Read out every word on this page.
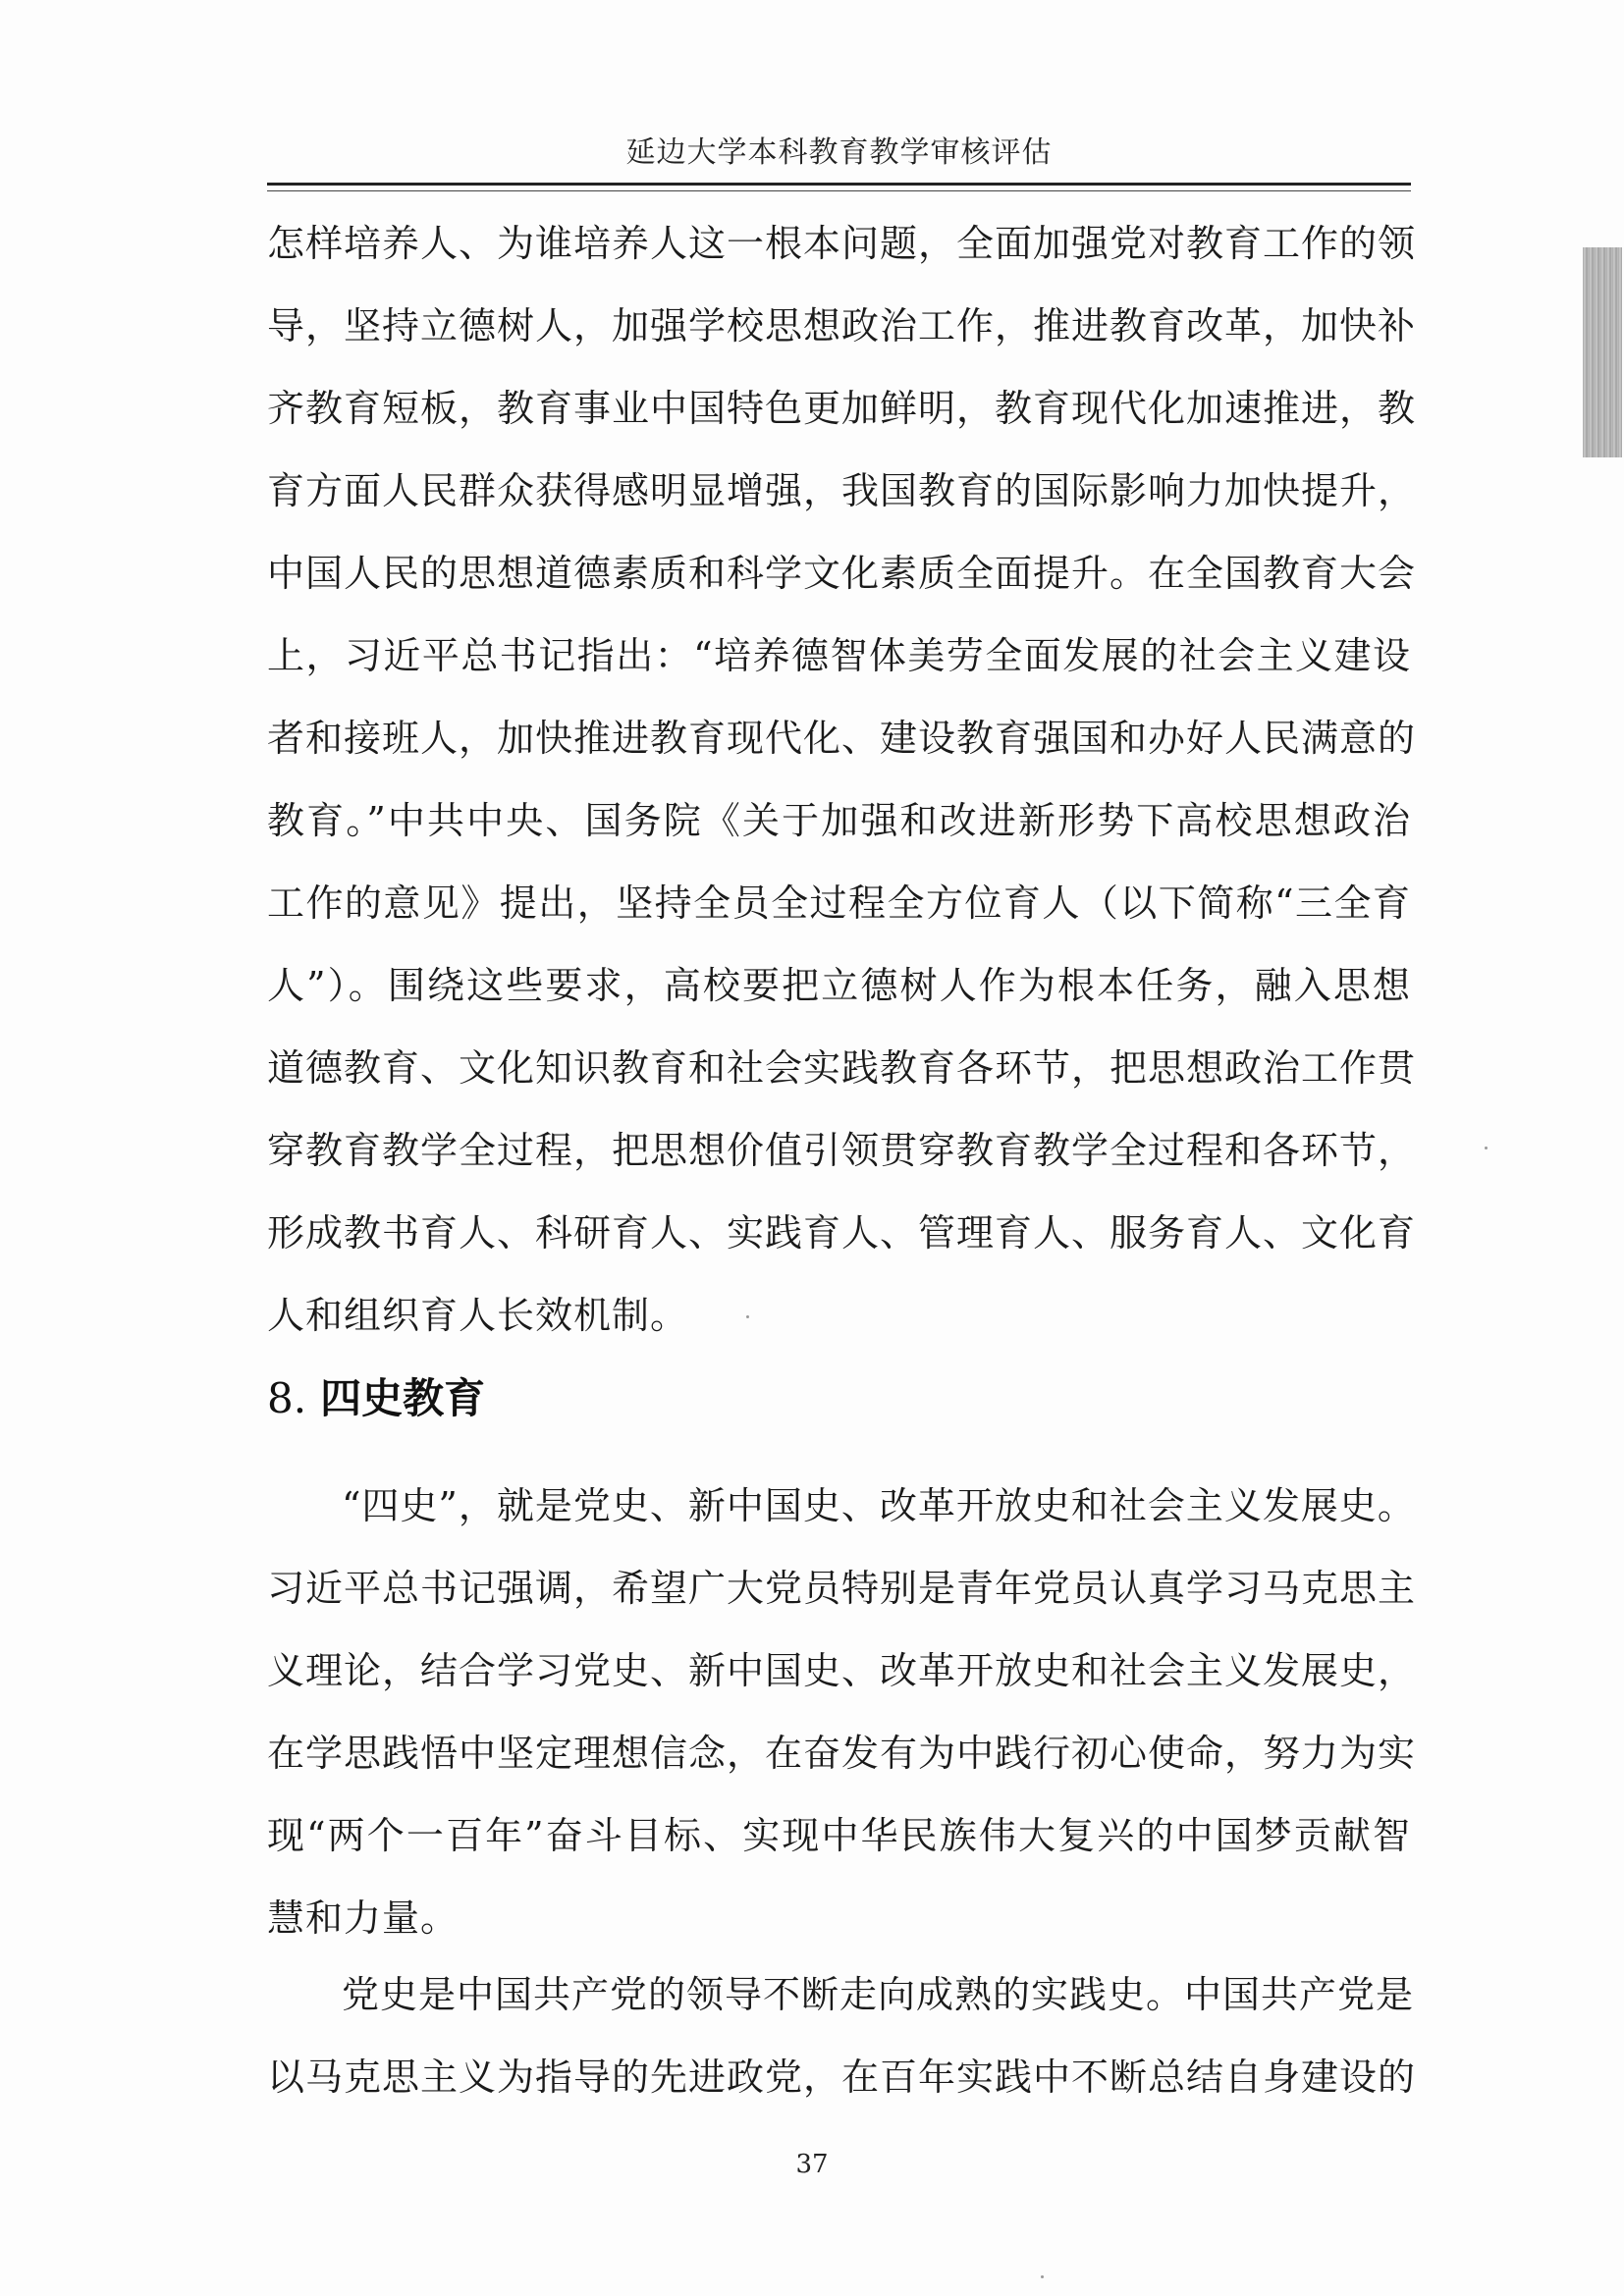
延边大学本科教育教学审核评估
怎样培养人、为谁培养人这一根本问题，全面加强党对教育工作的领
导，坚持立德树人，加强学校思想政治工作，推进教育改革，加快补
齐教育短板，教育事业中国特色更加鲜明，教育现代化加速推进，教
育方面人民群众获得感明显增强，我国教育的国际影响力加快提升，
中国人民的思想道德素质和科学文化素质全面提升。在全国教育大会
上，习近平总书记指出：“培养德智体美劳全面发展的社会主义建设
者和接班人，加快推进教育现代化、建设教育强国和办好人民满意的
教育。”中共中央、国务院《关于加强和改进新形势下高校思想政治
工作的意见》提出，坚持全员全过程全方位育人（以下简称“三全育
人”）。围绕这些要求，高校要把立德树人作为根本任务，融入思想
道德教育、文化知识教育和社会实践教育各环节，把思想政治工作贯
穿教育教学全过程，把思想价值引领贯穿教育教学全过程和各环节，
形成教书育人、科研育人、实践育人、管理育人、服务育人、文化育
人和组织育人长效机制。
8. 四史教育
“四史”，就是党史、新中国史、改革开放史和社会主义发展史。
习近平总书记强调，希望广大党员特别是青年党员认真学习马克思主
义理论，结合学习党史、新中国史、改革开放史和社会主义发展史，
在学思践悟中坚定理想信念，在奋发有为中践行初心使命，努力为实
现“两个一百年”奋斗目标、实现中华民族伟大复兴的中国梦贡献智
慧和力量。
党史是中国共产党的领导不断走向成熟的实践史。中国共产党是
以马克思主义为指导的先进政党，在百年实践中不断总结自身建设的
37
